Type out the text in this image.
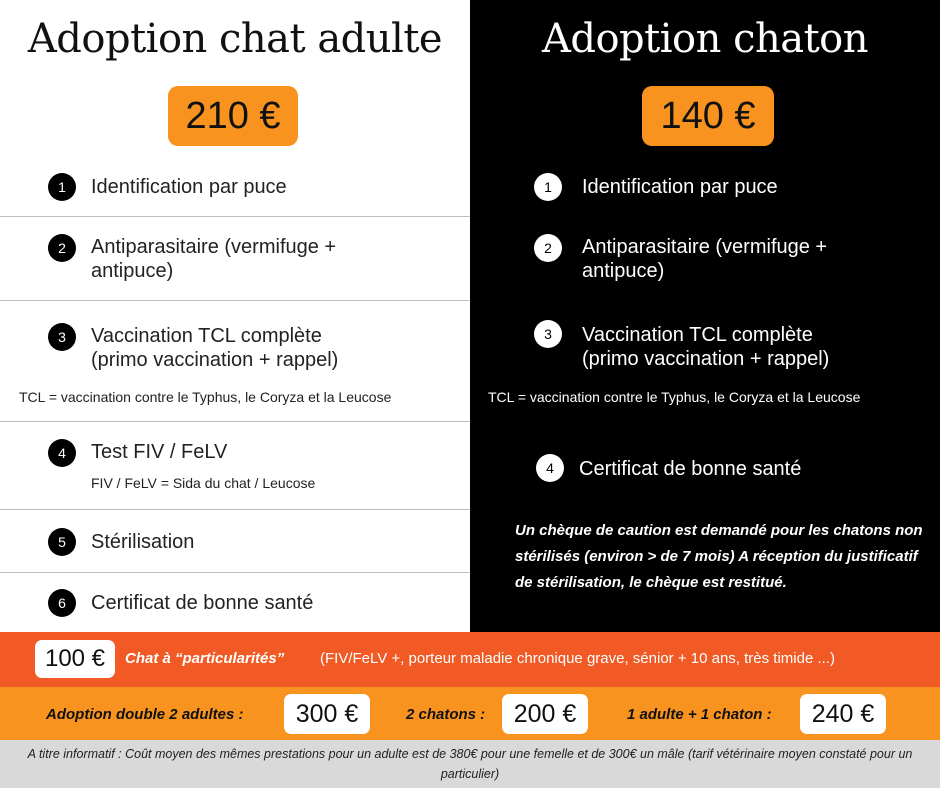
Adoption chat adulte
210 €
1	Identification par puce
2	Antiparasitaire (vermifuge +
antipuce)
3	Vaccination TCL complète
(primo vaccination + rappel)
TCL = vaccination contre le Typhus, le Coryza et la Leucose
4	Test FIV / FeLV
FIV / FeLV = Sida du chat / Leucose
5	Stérilisation
6	Certificat de bonne santé
Adoption chaton
140 €
1	Identification par puce
2	Antiparasitaire (vermifuge +
antipuce)
3	Vaccination TCL complète
(primo vaccination + rappel)
TCL = vaccination contre le Typhus, le Coryza et la Leucose
4	Certificat de bonne santé
Un chèque de caution est demandé pour les chatons non stérilisés (environ > de 7 mois) A réception du justificatif de stérilisation, le chèque est restitué.
100 €	Chat à “particularités” (FIV/FeLV +, porteur maladie chronique grave, sénior + 10 ans, très timide ...)
Adoption double 2 adultes :	300 €	2 chatons :	200 €	1 adulte + 1 chaton :	240 €
A titre informatif : Coût moyen des mêmes prestations pour un adulte est de 380€ pour une femelle et de 300€ un mâle (tarif vétérinaire moyen constaté pour un particulier)
